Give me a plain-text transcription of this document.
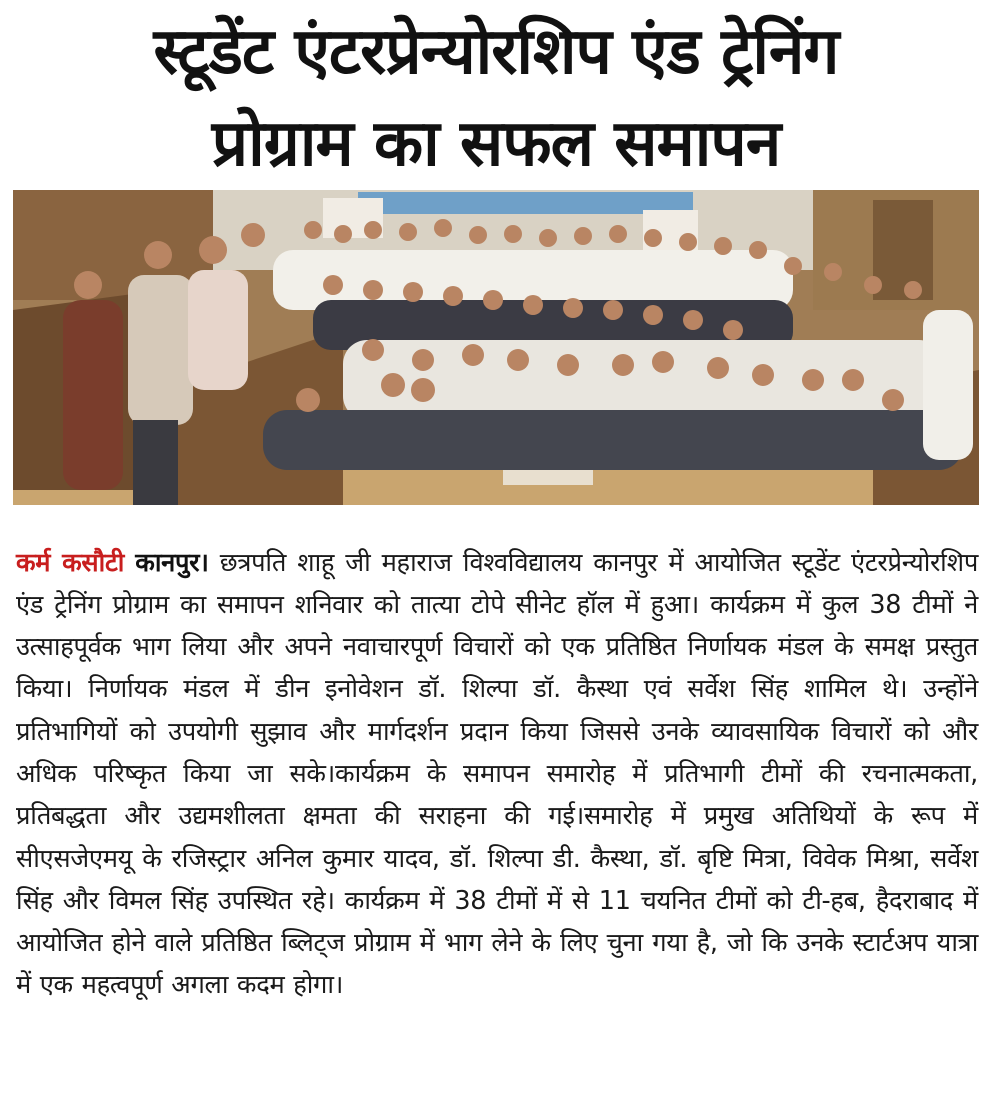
स्टूडेंट एंटरप्रेन्योरशिप एंड ट्रेनिंग
प्रोग्राम का सफल समापन

कर्म कसौटी कानपुर। छत्रपति शाहू जी महाराज विश्वविद्यालय कानपुर में आयोजित स्टूडेंट एंटरप्रेन्योरशिप एंड ट्रेनिंग प्रोग्राम का समापन शनिवार को तात्या टोपे सीनेट हॉल में हुआ। कार्यक्रम में कुल 38 टीमों ने उत्साहपूर्वक भाग लिया और अपने नवाचारपूर्ण विचारों को एक प्रतिष्ठित निर्णायक मंडल के समक्ष प्रस्तुत किया। निर्णायक मंडल में डीन इनोवेशन डॉ. शिल्पा डॉ. कैस्था एवं सर्वेश सिंह शामिल थे। उन्होंने प्रतिभागियों को उपयोगी सुझाव और मार्गदर्शन प्रदान किया जिससे उनके व्यावसायिक विचारों को और अधिक परिष्कृत किया जा सके।कार्यक्रम के समापन समारोह में प्रतिभागी टीमों की रचनात्मकता, प्रतिबद्धता और उद्यमशीलता क्षमता की सराहना की गई।समारोह में प्रमुख अतिथियों के रूप में सीएसजेएमयू के रजिस्ट्रार अनिल कुमार यादव, डॉ. शिल्पा डी. कैस्था, डॉ. बृष्टि मित्रा, विवेक मिश्रा, सर्वेश सिंह और विमल सिंह उपस्थित रहे। कार्यक्रम में 38 टीमों में से 11 चयनित टीमों को टी-हब, हैदराबाद में आयोजित होने वाले प्रतिष्ठित ब्लिट्ज प्रोग्राम में भाग लेने के लिए चुना गया है, जो कि उनके स्टार्टअप यात्रा में एक महत्वपूर्ण अगला कदम होगा।
